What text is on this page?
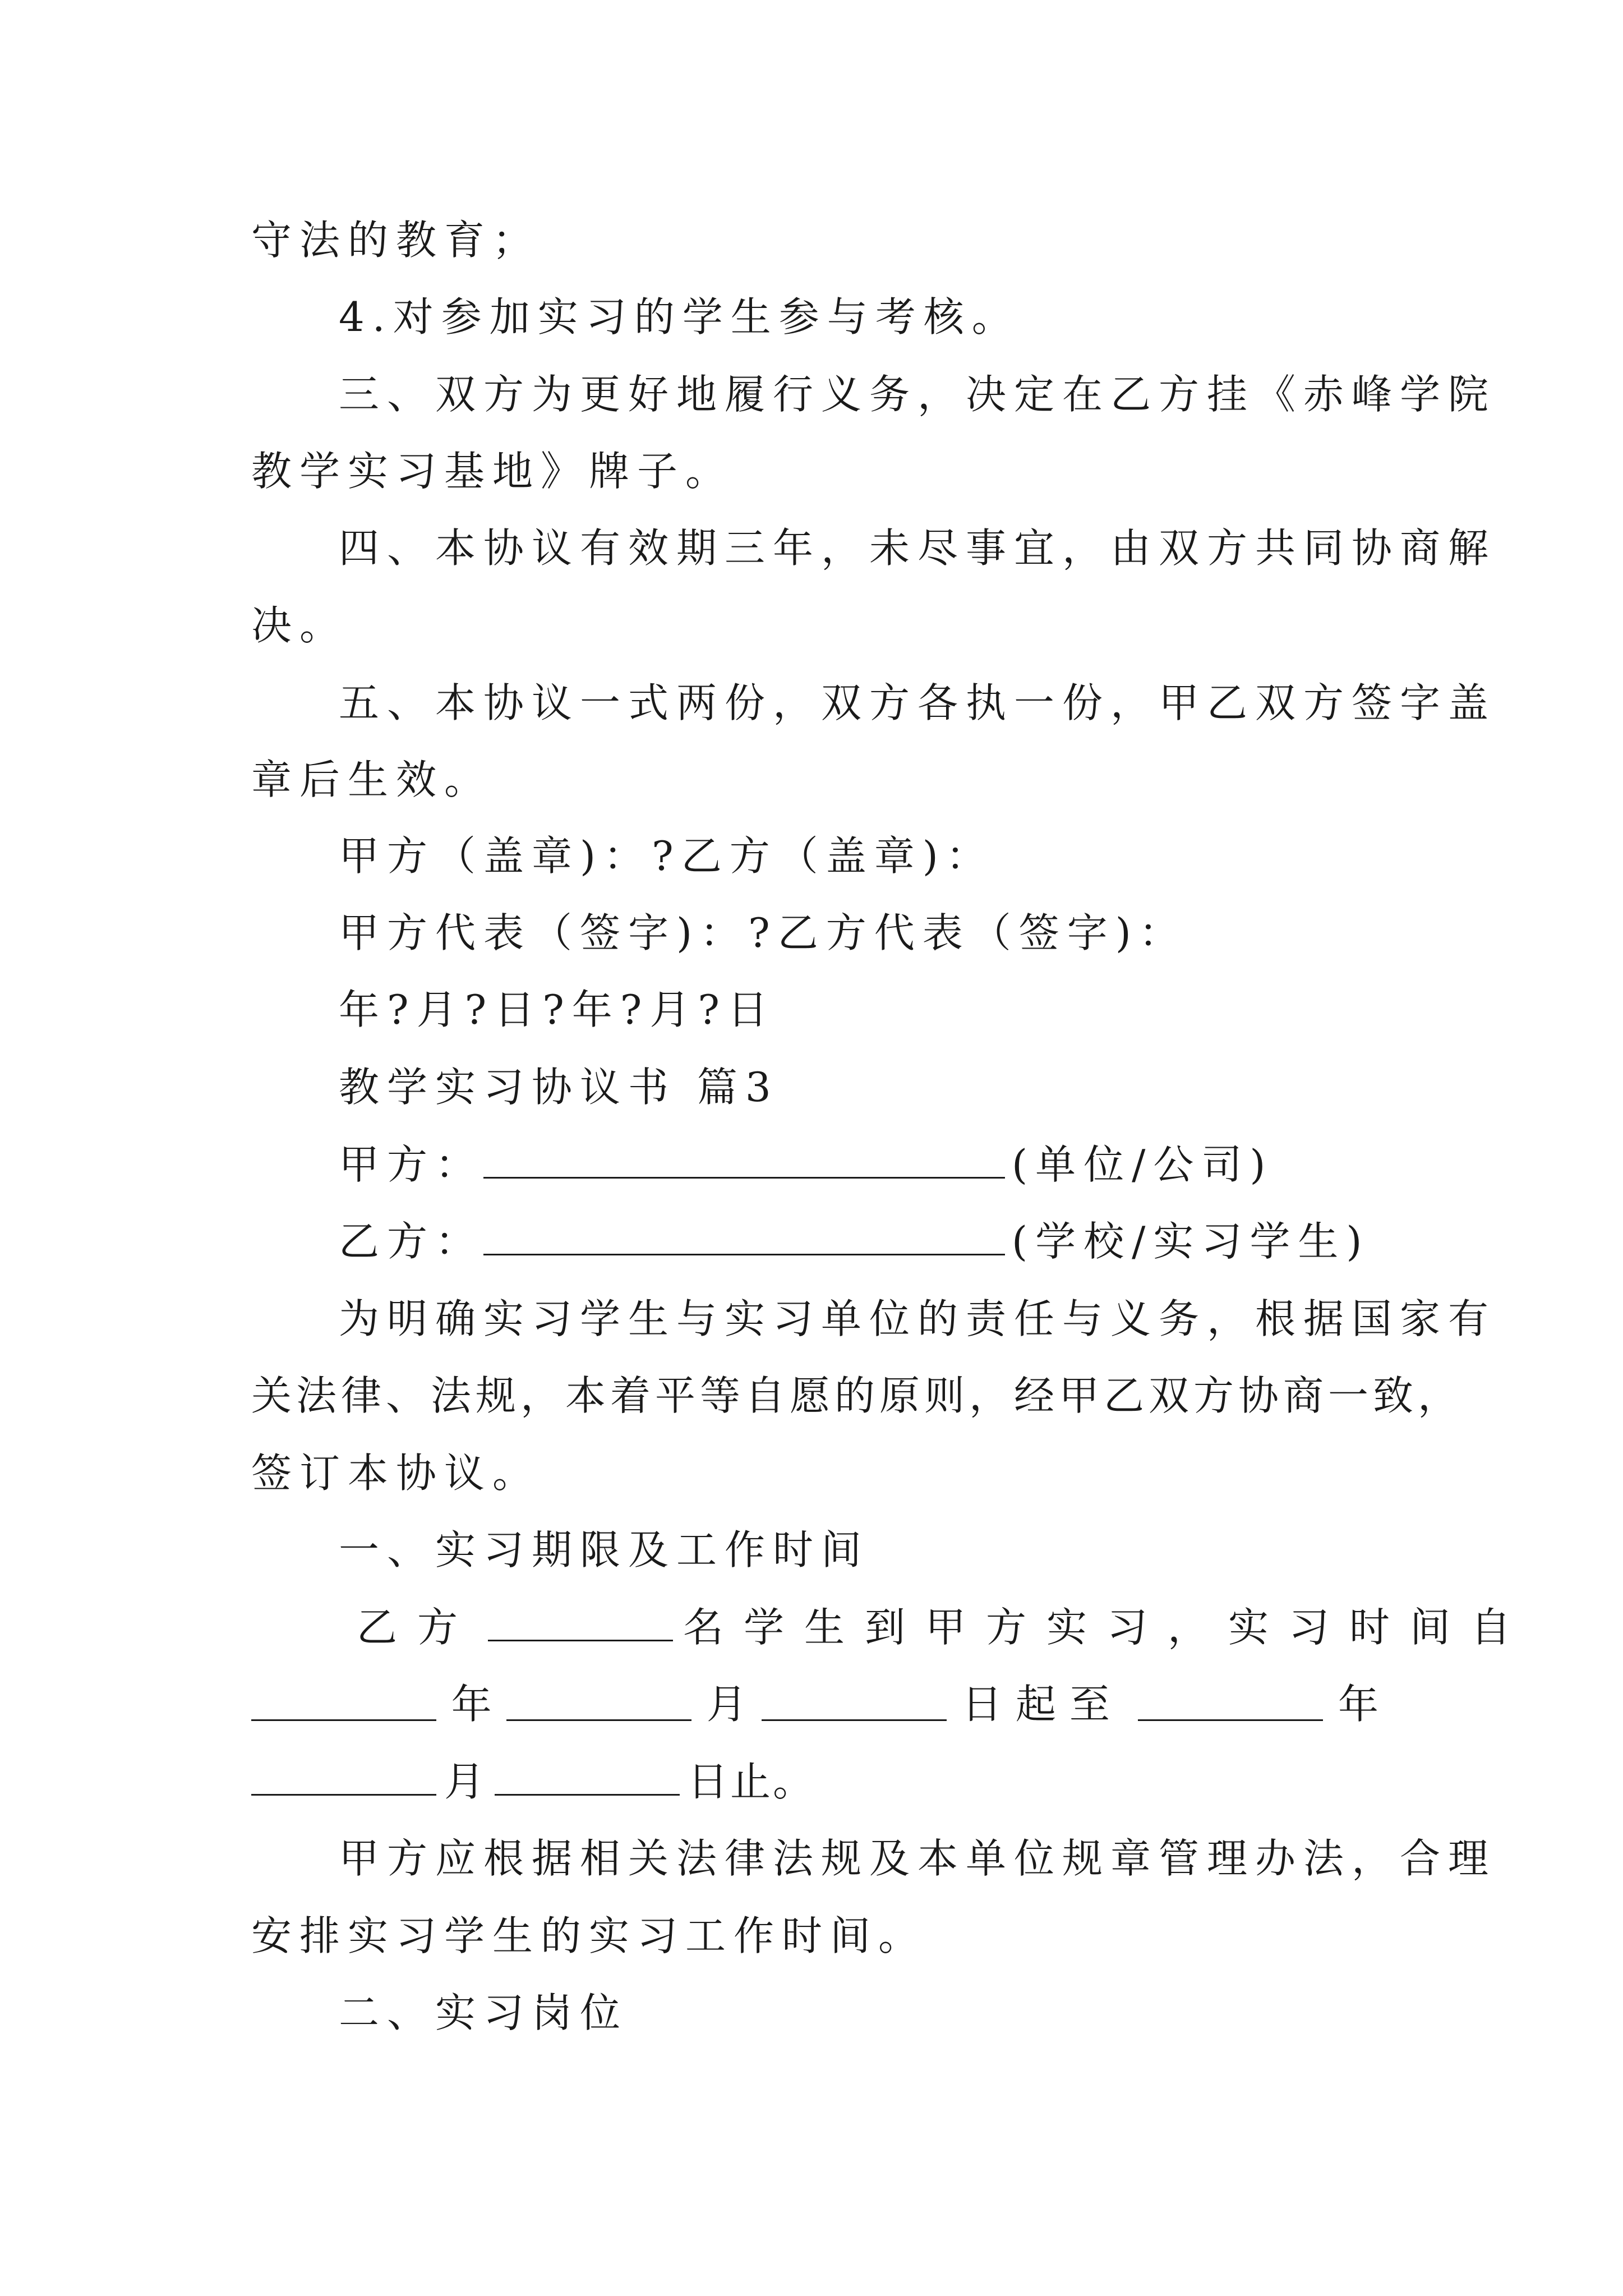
守法的教育；
4.对参加实习的学生参与考核。
三、双方为更好地履行义务，决定在乙方挂《赤峰学院
教学实习基地》牌子。
四、本协议有效期三年，未尽事宜，由双方共同协商解
决。
五、本协议一式两份，双方各执一份，甲乙双方签字盖
章后生效。
甲方（盖章)：?乙方（盖章)：
甲方代表（签字)：?乙方代表（签字)：
年?月?日?年?月?日
教学实习协议书 篇3
甲方：	(单位/公司)
乙方：	(学校/实习学生)
为明确实习学生与实习单位的责任与义务，根据国家有
关法律、法规，本着平等自愿的原则，经甲乙双方协商一致，
签订本协议。
一、实习期限及工作时间
乙方	名学生到甲方实习，实习时间自
年	月	日起至	年
月	日止。
甲方应根据相关法律法规及本单位规章管理办法，合理
安排实习学生的实习工作时间。
二、实习岗位
